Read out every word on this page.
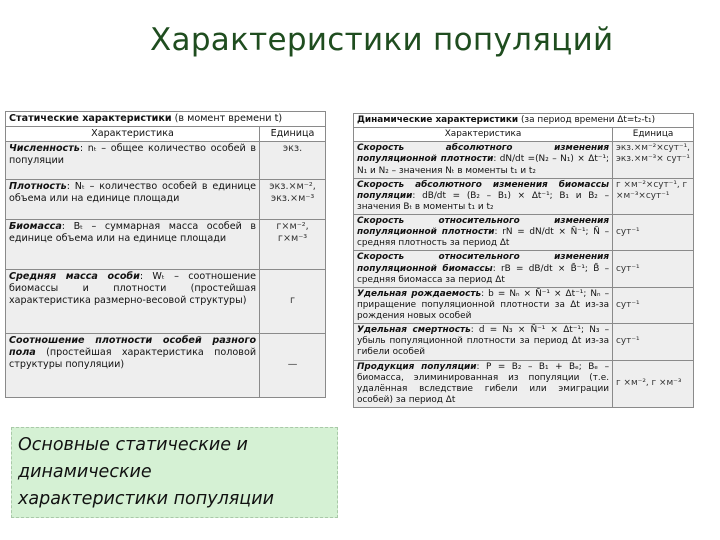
Характеристики популяций
Статические характеристики (в момент времени t)	
Характеристика	Единица
Численность: nₜ – общее количество особей в популяции	экз.
Плотность: Nₜ – количество особей в единице объема или на единице площади	экз.×м⁻², экз.×м⁻³
Биомасса: Bₜ – суммарная масса особей в единице объема или на единице площади	г×м⁻², г×м⁻³
Средняя масса особи: Wₜ – соотношение биомассы и плотности (простейшая характеристика размерно-весовой структуры)	г
Соотношение плотности особей разного пола (простейшая характеристика половой структуры популяции)	—
Динамические характеристики (за период времени Δt=t₂-t₁)	
Характеристика	Единица
Скорость абсолютного изменения популяционной плотности: dN/dt =(N₂ – N₁) × Δt⁻¹; N₁ и N₂ – значения Nₜ в моменты t₁ и t₂	экз.×м⁻²×сут⁻¹, экз.×м⁻³× сут⁻¹
Скорость абсолютного изменения биомассы популяции: dB/dt = (B₂ – B₁) × Δt⁻¹; B₁ и B₂ – значения Bₜ в моменты t₁ и t₂	г ×м⁻²×сут⁻¹, г ×м⁻³×сут⁻¹
Скорость относительного изменения популяционной плотности: rN = dN/dt × N̄⁻¹; N̄ – средняя плотность за период Δt	сут⁻¹
Скорость относительного изменения популяционной биомассы: rB = dB/dt × B̄⁻¹; B̄ – средняя биомасса за период Δt	сут⁻¹
Удельная рождаемость: b = Nₙ × N̄⁻¹ × Δt⁻¹; Nₙ – приращение популяционной плотности за Δt из-за рождения новых особей	сут⁻¹
Удельная смертность: d = N₃ × N̄⁻¹ × Δt⁻¹; N₃ – убыль популяционной плотности за период Δt из-за гибели особей	сут⁻¹
Продукция популяции: P = B₂ – B₁ + Bₑ; Bₑ – биомасса, элиминированная из популяции (т.е. удалённая вследствие гибели или эмиграции особей) за период Δt	г ×м⁻², г ×м⁻³
Основные статические и
динамические
характеристики популяции
